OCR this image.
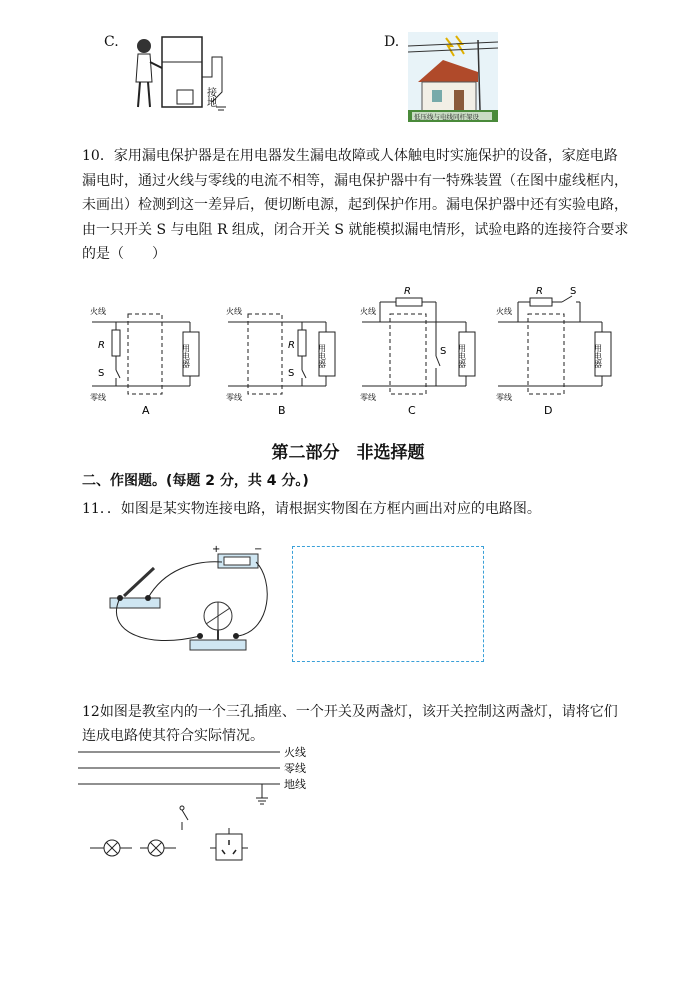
C.
接地
D.
低压线与电线同杆架设
10．家用漏电保护器是在用电器发生漏电故障或人体触电时实施保护的设备，家庭电路漏电时，通过火线与零线的电流不相等，漏电保护器中有一特殊装置（在图中虚线框内，未画出）检测到这一差异后，便切断电源，起到保护作用。漏电保护器中还有实验电路，由一只开关 S 与电阻 R 组成，闭合开关 S 就能模拟漏电情形，试验电路的连接符合要求的是（　　）
火线
零线
R
S
用电器
A
火线
零线
R
S
用电器
B
火线
零线
R
S 用电器
C
火线
零线
R	S
用电器
D
第二部分　非选择题
二、作图题。(每题 2 分，共 4 分。)
11．．如图是某实物连接电路，请根据实物图在方框内画出对应的电路图。
+	−
12如图是教室内的一个三孔插座、一个开关及两盏灯，该开关控制这两盏灯，请将它们连成电路使其符合实际情况。
火线
零线
地线
